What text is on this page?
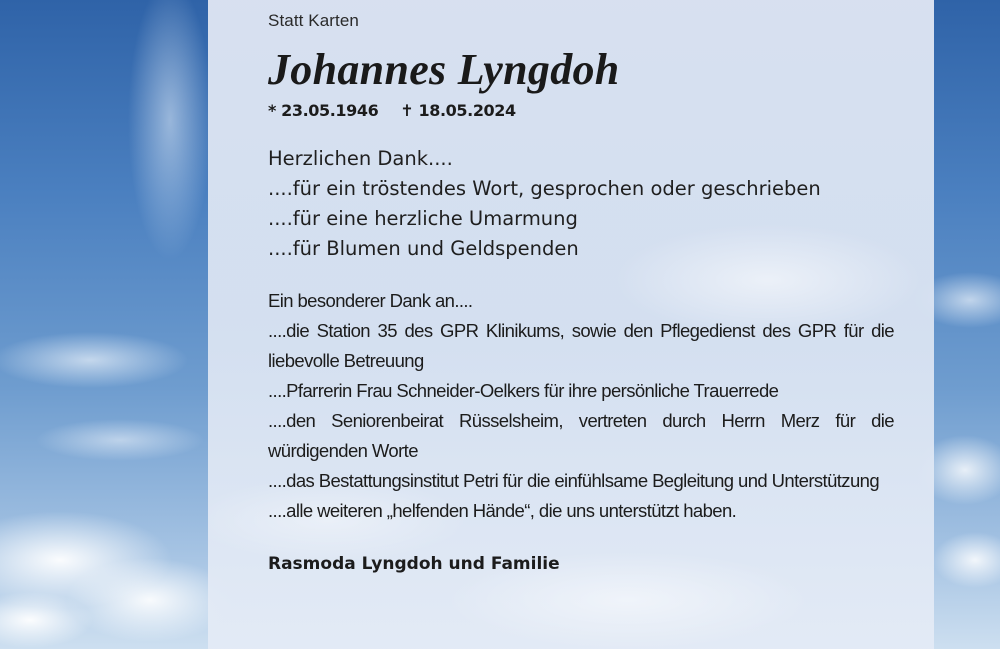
Statt Karten

Johannes Lyngdoh
* 23.05.1946 ✝ 18.05.2024
Herzlichen Dank....
....für ein tröstendes Wort, gesprochen oder geschrieben
....für eine herzliche Umarmung
....für Blumen und Geldspenden
Ein besonderer Dank an....
....die Station 35 des GPR Klinikums, sowie den Pflegedienst des GPR für die liebevolle Betreuung
....Pfarrerin Frau Schneider-Oelkers für ihre persönliche Trauerrede
....den Seniorenbeirat Rüsselsheim, vertreten durch Herrn Merz für die würdigenden Worte
....das Bestattungsinstitut Petri für die einfühlsame Begleitung und Unterstützung
....alle weiteren „helfenden Hände“, die uns unterstützt haben.
Rasmoda Lyngdoh und Familie
